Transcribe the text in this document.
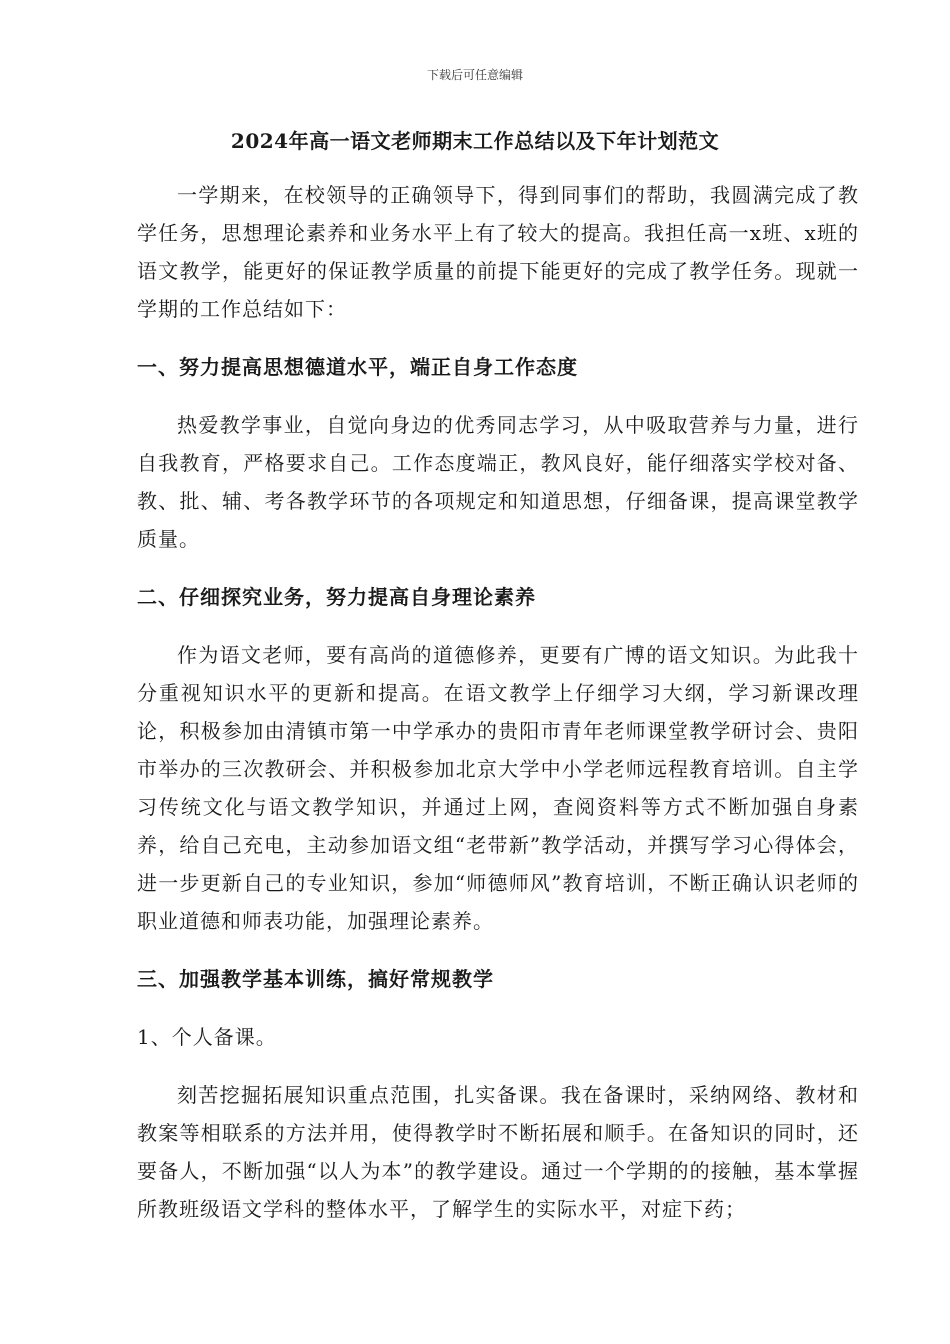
下载后可任意编辑
2024年高一语文老师期末工作总结以及下年计划范文

一学期来，在校领导的正确领导下，得到同事们的帮助，我圆满完成了教学任务，思想理论素养和业务水平上有了较大的提高。我担任高一x班、x班的语文教学，能更好的保证教学质量的前提下能更好的完成了教学任务。现就一学期的工作总结如下：

一、努力提高思想德道水平，端正自身工作态度

热爱教学事业，自觉向身边的优秀同志学习，从中吸取营养与力量，进行自我教育，严格要求自己。工作态度端正，教风良好，能仔细落实学校对备、教、批、辅、考各教学环节的各项规定和知道思想，仔细备课，提高课堂教学质量。

二、仔细探究业务，努力提高自身理论素养

作为语文老师，要有高尚的道德修养，更要有广博的语文知识。为此我十分重视知识水平的更新和提高。在语文教学上仔细学习大纲，学习新课改理论，积极参加由清镇市第一中学承办的贵阳市青年老师课堂教学研讨会、贵阳市举办的三次教研会、并积极参加北京大学中小学老师远程教育培训。自主学习传统文化与语文教学知识，并通过上网，查阅资料等方式不断加强自身素养，给自己充电，主动参加语文组“老带新”教学活动，并撰写学习心得体会，进一步更新自己的专业知识，参加“师德师风”教育培训，不断正确认识老师的职业道德和师表功能，加强理论素养。

三、加强教学基本训练，搞好常规教学

1、个人备课。

刻苦挖掘拓展知识重点范围，扎实备课。我在备课时，采纳网络、教材和教案等相联系的方法并用，使得教学时不断拓展和顺手。在备知识的同时，还要备人，不断加强“以人为本”的教学建设。通过一个学期的的接触，基本掌握所教班级语文学科的整体水平，了解学生的实际水平，对症下药；
